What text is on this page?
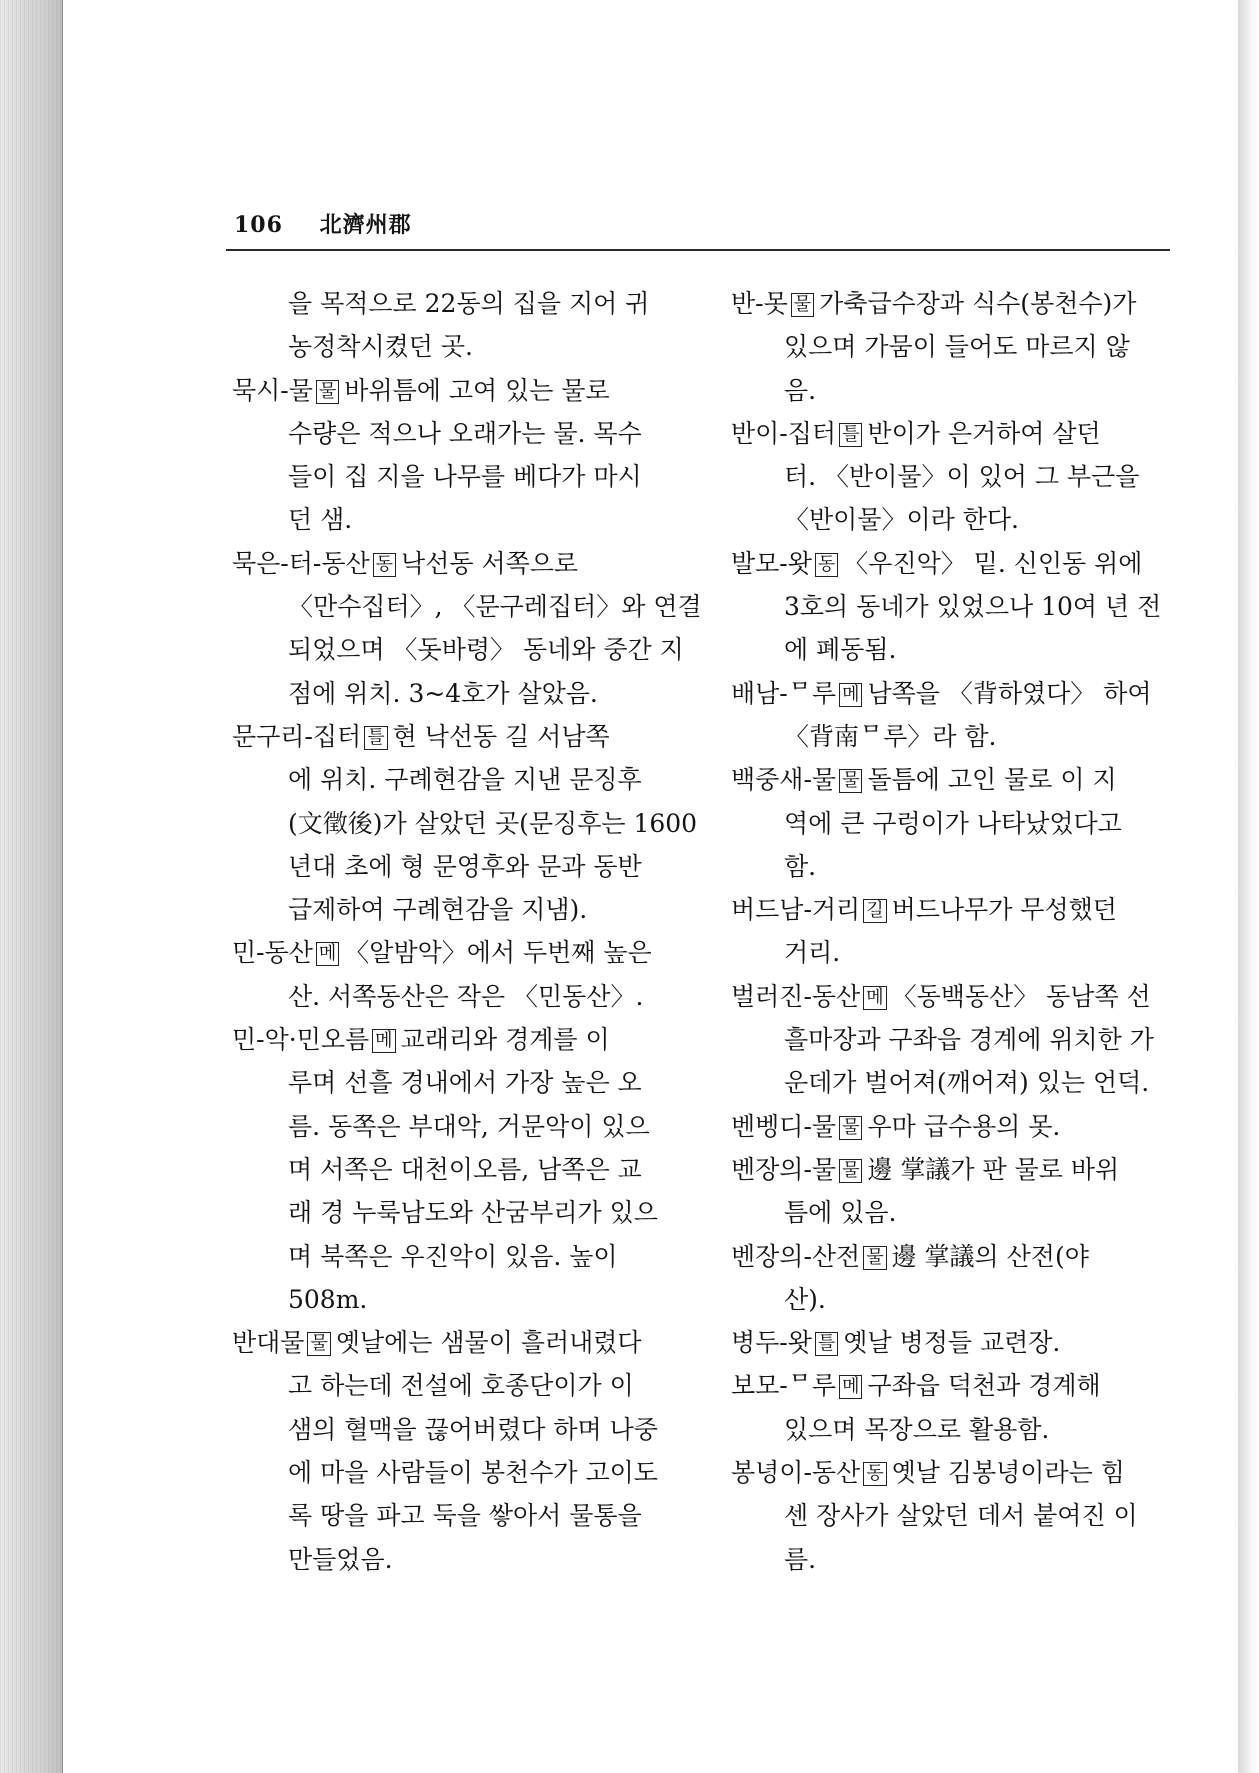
106 北濟州郡
을 목적으로 22동의 집을 지어 귀
농정착시켰던 곳.
묵시-물 물 바위틈에 고여 있는 물로
수량은 적으나 오래가는 물. 목수
들이 집 지을 나무를 베다가 마시
던 샘.
묵은-터-동산 동 낙선동 서쪽으로
〈만수집터〉, 〈문구레집터〉와 연결
되었으며 〈돗바령〉 동네와 중간 지
점에 위치. 3~4호가 살았음.
문구리-집터 틀 현 낙선동 길 서남쪽
에 위치. 구례현감을 지낸 문징후
(文徵後)가 살았던 곳(문징후는 1600
년대 초에 형 문영후와 문과 동반
급제하여 구례현감을 지냄).
민-동산 메 〈알밤악〉에서 두번째 높은
산. 서쪽동산은 작은 〈민동산〉.
민-악·민오름 메 교래리와 경계를 이
루며 선흘 경내에서 가장 높은 오
름. 동쪽은 부대악, 거문악이 있으
며 서쪽은 대천이오름, 남쪽은 교
래 경 누룩남도와 산굼부리가 있으
며 북쪽은 우진악이 있음. 높이
508m.
반대물 물 옛날에는 샘물이 흘러내렸다
고 하는데 전설에 호종단이가 이
샘의 혈맥을 끊어버렸다 하며 나중
에 마을 사람들이 봉천수가 고이도
록 땅을 파고 둑을 쌓아서 물통을
만들었음.
반-못 물 가축급수장과 식수(봉천수)가
있으며 가뭄이 들어도 마르지 않
음.
반이-집터 틀 반이가 은거하여 살던
터. 〈반이물〉이 있어 그 부근을
〈반이물〉이라 한다.
발모-왓 동 〈우진악〉 밑. 신인동 위에
3호의 동네가 있었으나 10여 년 전
에 폐동됨.
배남-ᄆ루 메 남쪽을 〈背하였다〉 하여
〈背南ᄆ루〉라 함.
백중새-물 물 돌틈에 고인 물로 이 지
역에 큰 구렁이가 나타났었다고
함.
버드남-거리 길 버드나무가 무성했던
거리.
벌러진-동산 메 〈동백동산〉 동남쪽 선
흘마장과 구좌읍 경계에 위치한 가
운데가 벌어져(깨어져) 있는 언덕.
벤벵디-물 물 우마 급수용의 못.
벤장의-물 물 邊 掌議가 판 물로 바위
틈에 있음.
벤장의-산전 물 邊 掌議의 산전(야
산).
병두-왓 틀 옛날 병정들 교련장.
보모-ᄆ루 메 구좌읍 덕천과 경계해
있으며 목장으로 활용함.
봉녕이-동산 동 옛날 김봉녕이라는 힘
센 장사가 살았던 데서 붙여진 이
름.
